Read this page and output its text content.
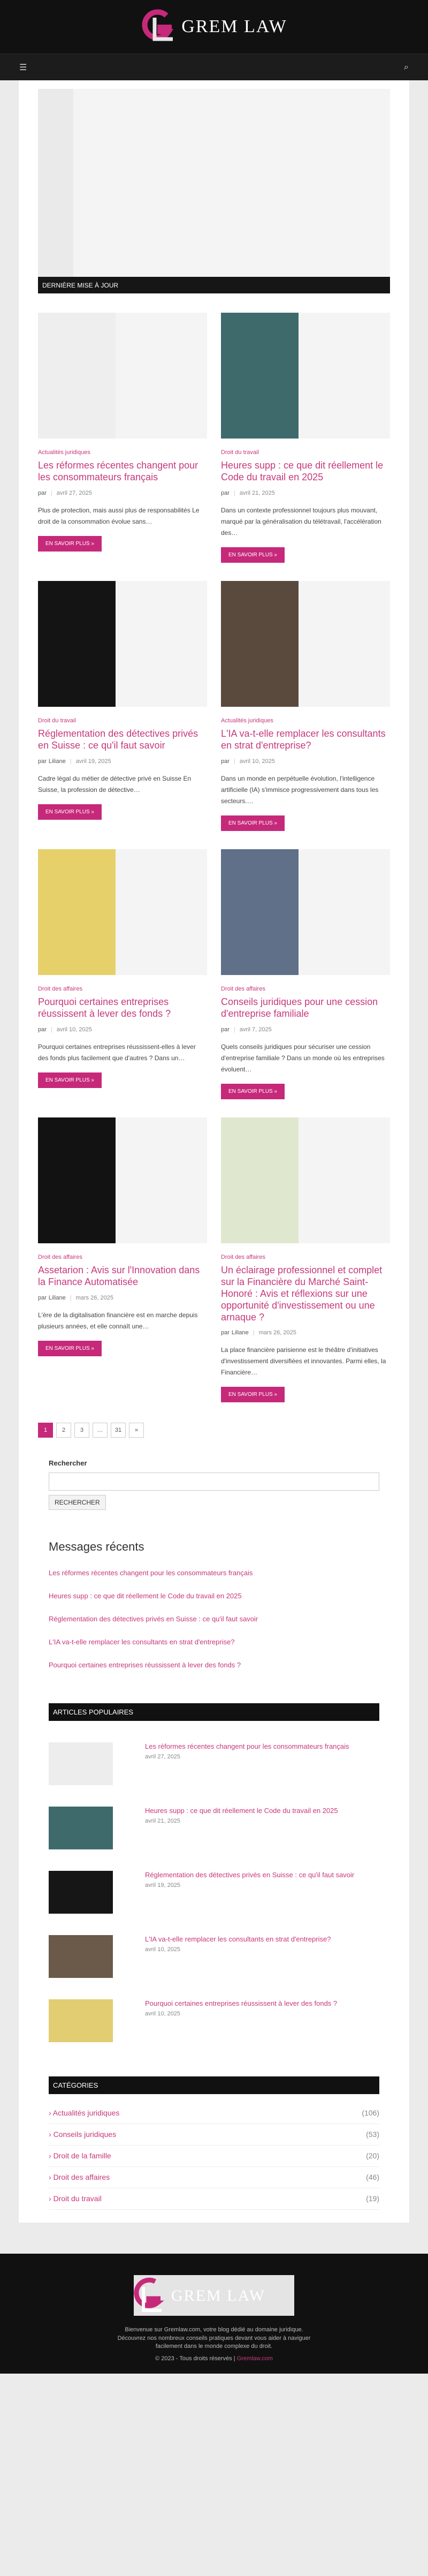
GREM LAW
☰	⌕
DERNIÈRE MISE À JOUR
Actualités juridiques
Les réformes récentes changent pour les consommateurs français
par | avril 27, 2025

Plus de protection, mais aussi plus de responsabilités Le droit de la consommation évolue sans…

EN SAVOIR PLUS »
Droit du travail
Heures supp : ce que dit réellement le Code du travail en 2025
par | avril 21, 2025

Dans un contexte professionnel toujours plus mouvant, marqué par la généralisation du télétravail, l'accélération des…

EN SAVOIR PLUS »
Droit du travail
Réglementation des détectives privés en Suisse : ce qu'il faut savoir
par Liliane | avril 19, 2025

Cadre légal du métier de détective privé en Suisse En Suisse, la profession de détective…

EN SAVOIR PLUS »
Actualités juridiques
L'IA va-t-elle remplacer les consultants en strat d'entreprise?
par | avril 10, 2025

Dans un monde en perpétuelle évolution, l'intelligence artificielle (IA) s'immisce progressivement dans tous les secteurs.…

EN SAVOIR PLUS »
Droit des affaires
Pourquoi certaines entreprises réussissent à lever des fonds ?
par | avril 10, 2025

Pourquoi certaines entreprises réussissent-elles à lever des fonds plus facilement que d'autres ? Dans un…

EN SAVOIR PLUS »
Droit des affaires
Conseils juridiques pour une cession d'entreprise familiale
par | avril 7, 2025

Quels conseils juridiques pour sécuriser une cession d'entreprise familiale ? Dans un monde où les entreprises évoluent…

EN SAVOIR PLUS »
Droit des affaires
Assetarion : Avis sur l'Innovation dans la Finance Automatisée
par Liliane | mars 26, 2025

L'ère de la digitalisation financière est en marche depuis plusieurs années, et elle connaît une…

EN SAVOIR PLUS »
Droit des affaires
Un éclairage professionnel et complet sur la Financière du Marché Saint-Honoré : Avis et réflexions sur une opportunité d'investissement ou une arnaque ?
par Liliane | mars 26, 2025

La place financière parisienne est le théâtre d'initiatives d'investissement diversifiées et innovantes. Parmi elles, la Financière…

EN SAVOIR PLUS »
1	2	3	…	31	»
Rechercher
RECHERCHER
Messages récents
Les réformes récentes changent pour les consommateurs français
Heures supp : ce que dit réellement le Code du travail en 2025
Réglementation des détectives privés en Suisse : ce qu'il faut savoir
L'IA va-t-elle remplacer les consultants en strat d'entreprise?
Pourquoi certaines entreprises réussissent à lever des fonds ?
ARTICLES POPULAIRES
Les réformes récentes changent pour les consommateurs français
avril 27, 2025
Heures supp : ce que dit réellement le Code du travail en 2025
avril 21, 2025
Réglementation des détectives privés en Suisse : ce qu'il faut savoir
avril 19, 2025
L'IA va-t-elle remplacer les consultants en strat d'entreprise?
avril 10, 2025
Pourquoi certaines entreprises réussissent à lever des fonds ?
avril 10, 2025
CATÉGORIES
› Actualités juridiques	(106)
› Conseils juridiques	(53)
› Droit de la famille	(20)
› Droit des affaires	(46)
› Droit du travail	(19)
GREM LAW

Bienvenue sur Gremlaw.com, votre blog dédié au domaine juridique. Découvrez nos nombreux conseils pratiques devant vous aider à naviguer facilement dans le monde complexe du droit.

© 2023 - Tous droits réservés | Gremlaw.com
